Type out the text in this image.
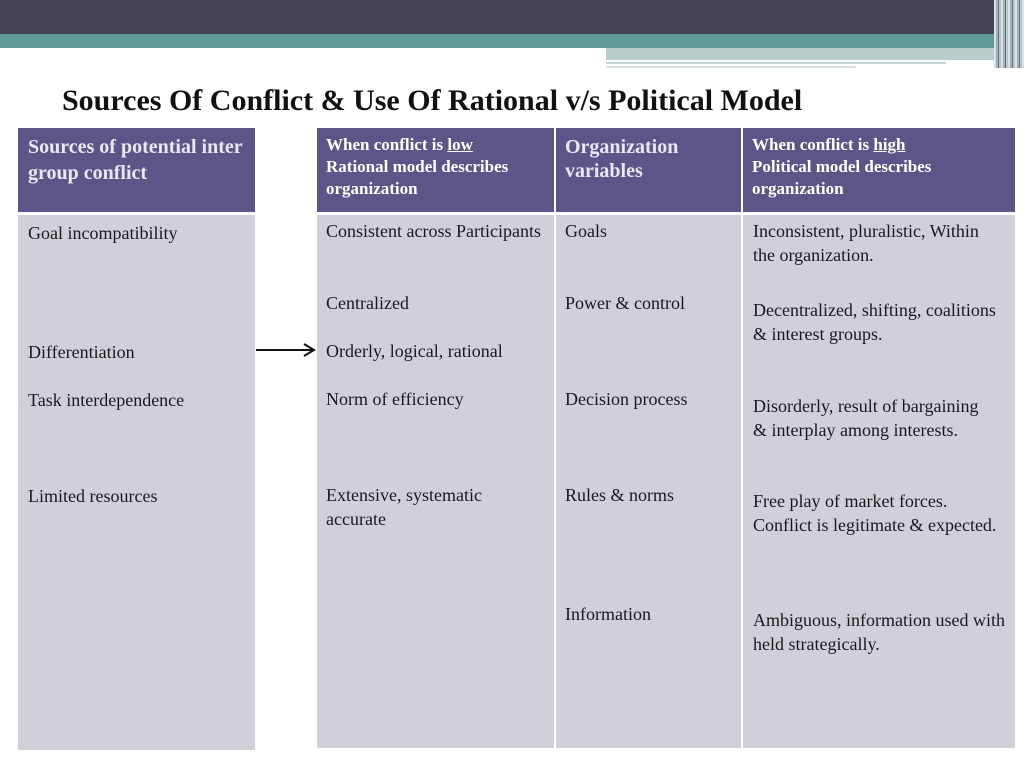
Sources Of Conflict & Use Of Rational v/s Political Model
Sources of potential inter group conflict

Goal incompatibility

Differentiation

Task interdependence

Limited resources

When conflict is low
Rational model describes organization
Organization variables
When conflict is high
Political model describes organization

Consistent across Participants

Centralized

Orderly, logical, rational

Norm of efficiency

Extensive, systematic accurate

Goals

Power & control

Decision process

Rules & norms

Information

Inconsistent, pluralistic, Within the organization.

Decentralized, shifting, coalitions & interest groups.

Disorderly, result of bargaining & interplay among interests.

Free play of market forces. Conflict is legitimate & expected.

Ambiguous, information used with held strategically.
